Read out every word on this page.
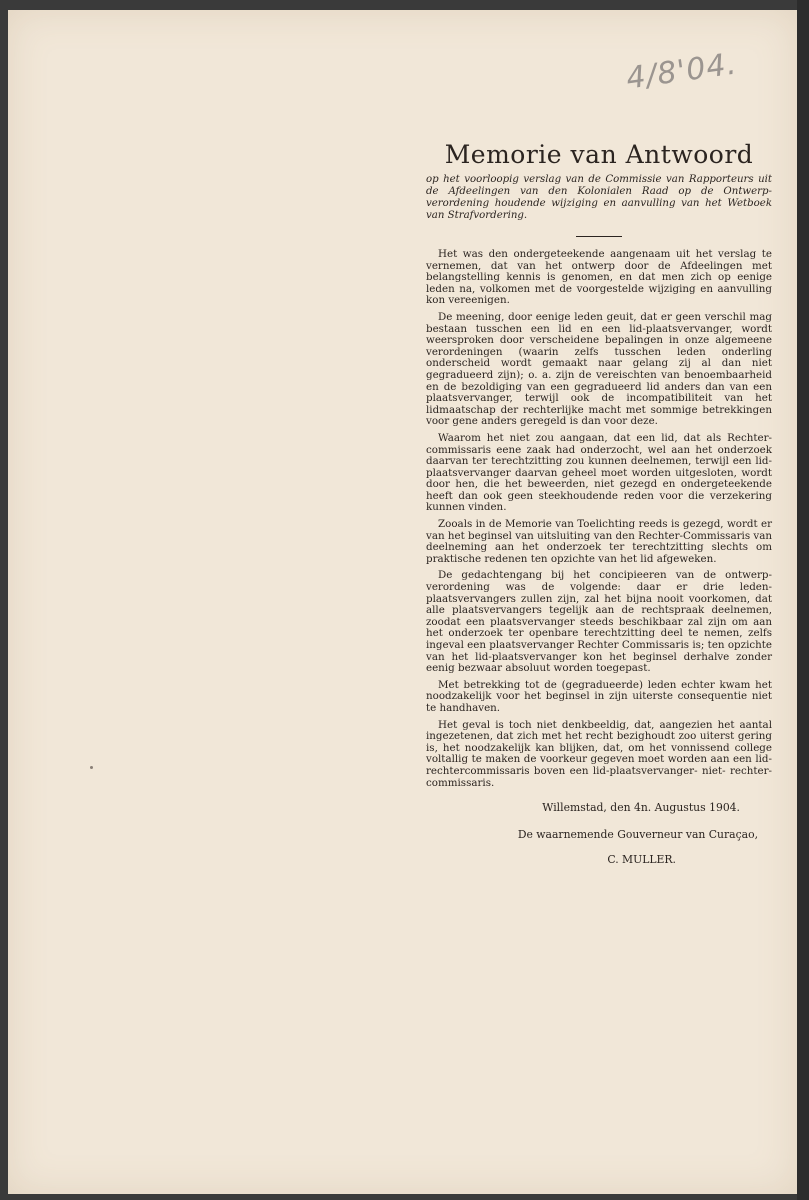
4/8'04.
Memorie van Antwoord

op het voorloopig verslag van de Commissie van Rapporteurs uit de Afdeelingen van den Kolonialen Raad op de Ontwerp-verordening houdende wijziging en aanvulling van het Wetboek van Strafvordering.

Het was den ondergeteekende aangenaam uit het verslag te vernemen, dat van het ontwerp door de Afdeelingen met belangstelling kennis is genomen, en dat men zich op eenige leden na, volkomen met de voorgestelde wijziging en aanvulling kon vereenigen.

De meening, door eenige leden geuit, dat er geen verschil mag bestaan tusschen een lid en een lid-plaatsvervanger, wordt weersproken door verscheidene bepalingen in onze algemeene verordeningen (waarin zelfs tusschen leden onderling onderscheid wordt gemaakt naar gelang zij al dan niet gegradueerd zijn); o. a. zijn de vereischten van benoembaarheid en de bezoldiging van een gegradueerd lid anders dan van een plaatsvervanger, terwijl ook de incompatibiliteit van het lidmaatschap der rechterlijke macht met sommige betrekkingen voor gene anders geregeld is dan voor deze.

Waarom het niet zou aangaan, dat een lid, dat als Rechter-commissaris eene zaak had onderzocht, wel aan het onderzoek daarvan ter terechtzitting zou kunnen deelnemen, terwijl een lid-plaatsvervanger daarvan geheel moet worden uitgesloten, wordt door hen, die het beweerden, niet gezegd en ondergeteekende heeft dan ook geen steekhoudende reden voor die verzekering kunnen vinden.

Zooals in de Memorie van Toelichting reeds is gezegd, wordt er van het beginsel van uitsluiting van den Rechter-Commissaris van deelneming aan het onderzoek ter terechtzitting slechts om praktische redenen ten opzichte van het lid afgeweken.

De gedachtengang bij het concipieeren van de ontwerp-verordening was de volgende: daar er drie leden-plaatsvervangers zullen zijn, zal het bijna nooit voorkomen, dat alle plaatsvervangers tegelijk aan de rechtspraak deelnemen, zoodat een plaatsvervanger steeds beschikbaar zal zijn om aan het onderzoek ter openbare terechtzitting deel te nemen, zelfs ingeval een plaatsvervanger Rechter Commissaris is; ten opzichte van het lid-plaatsvervanger kon het beginsel derhalve zonder eenig bezwaar absoluut worden toegepast.

Met betrekking tot de (gegradueerde) leden echter kwam het noodzakelijk voor het beginsel in zijn uiterste consequentie niet te handhaven.

Het geval is toch niet denkbeeldig, dat, aangezien het aantal ingezetenen, dat zich met het recht bezighoudt zoo uiterst gering is, het noodzakelijk kan blijken, dat, om het vonnissend college voltallig te maken de voorkeur gegeven moet worden aan een lid-rechtercommissaris boven een lid-plaatsvervanger- niet- rechter-commissaris.

Willemstad, den 4n. Augustus 1904.

De waarnemende Gouverneur van Curaçao,

C. MULLER.
